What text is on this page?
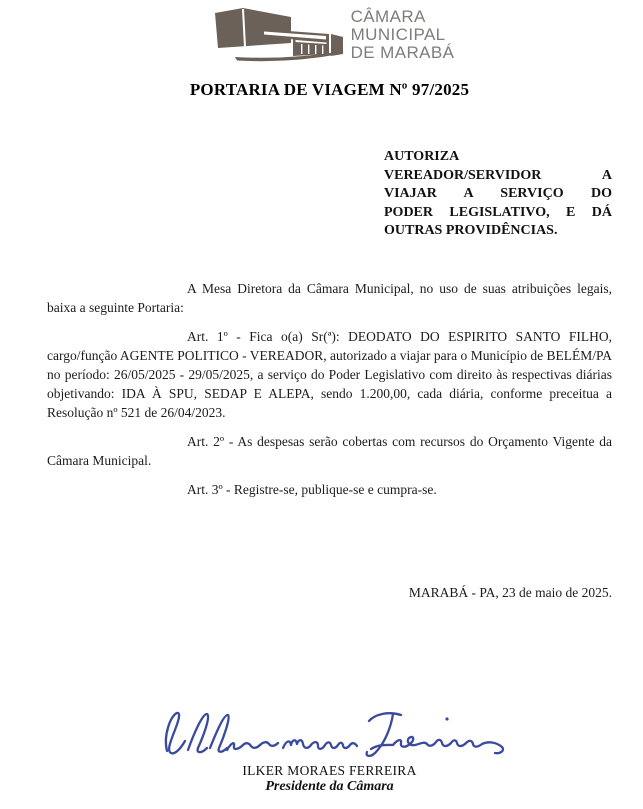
CÂMARA
MUNICIPAL
DE MARABÁ
PORTARIA DE VIAGEM Nº 97/2025
AUTORIZA
VEREADOR/SERVIDOR A
VIAJAR A SERVIÇO DO
PODER LEGISLATIVO, E DÁ
OUTRAS PROVIDÊNCIAS.

A Mesa Diretora da Câmara Municipal, no uso de suas atribuições legais, baixa a seguinte Portaria:

Art. 1º - Fica o(a) Sr(ª): DEODATO DO ESPIRITO SANTO FILHO, cargo/função AGENTE POLITICO - VEREADOR, autorizado a viajar para o Município de BELÉM/PA no período: 26/05/2025 - 29/05/2025, a serviço do Poder Legislativo com direito às respectivas diárias objetivando: IDA À SPU, SEDAP E ALEPA, sendo 1.200,00, cada diária, conforme preceitua a Resolução nº 521 de 26/04/2023.

Art. 2º - As despesas serão cobertas com recursos do Orçamento Vigente da Câmara Municipal.

Art. 3º - Registre-se, publique-se e cumpra-se.

MARABÁ - PA, 23 de maio de 2025.

ILKER MORAES FERREIRA
Presidente da Câmara
